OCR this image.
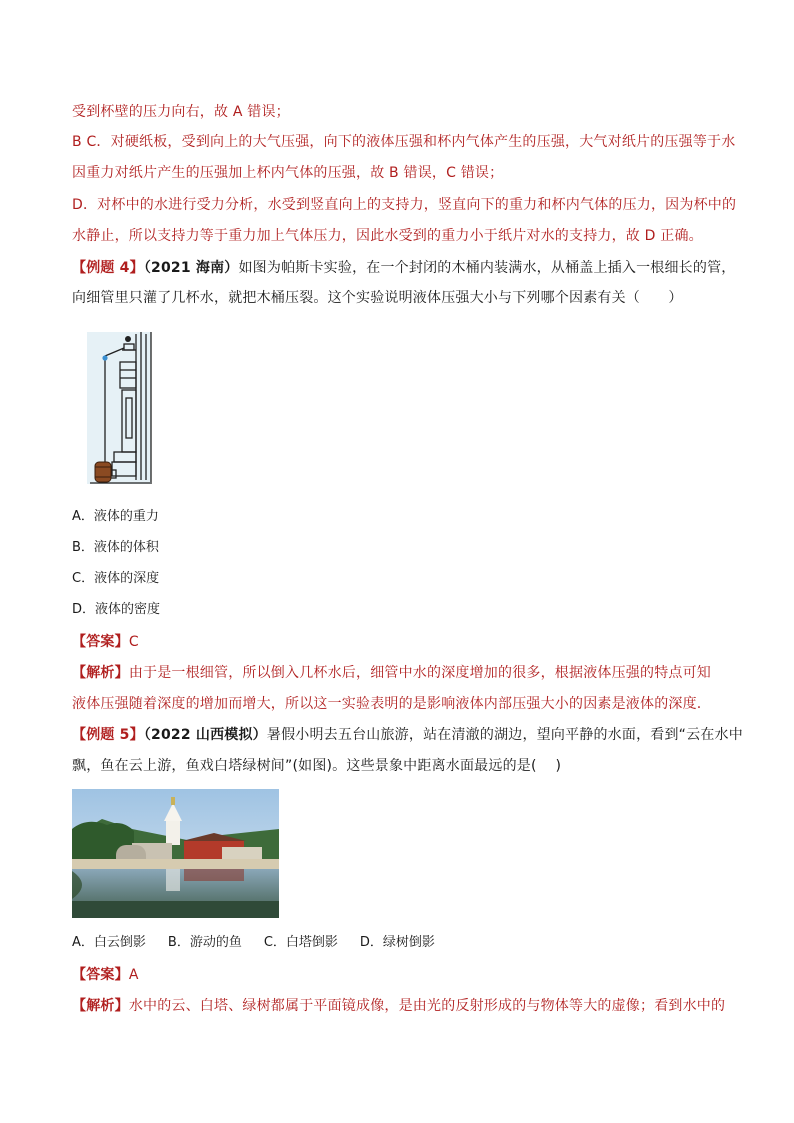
受到杯壁的压力向右，故 A 错误；
B C．对硬纸板，受到向上的大气压强，向下的液体压强和杯内气体产生的压强，大气对纸片的压强等于水
因重力对纸片产生的压强加上杯内气体的压强，故 B 错误，C 错误；
D．对杯中的水进行受力分析，水受到竖直向上的支持力，竖直向下的重力和杯内气体的压力，因为杯中的
水静止，所以支持力等于重力加上气体压力，因此水受到的重力小于纸片对水的支持力，故 D 正确。
【例题 4】（2021 海南）如图为帕斯卡实验，在一个封闭的木桶内装满水，从桶盖上插入一根细长的管，
向细管里只灌了几杯水，就把木桶压裂。这个实验说明液体压强大小与下列哪个因素有关（　　）
A．液体的重力
B．液体的体积
C．液体的深度
D．液体的密度
【答案】C
【解析】由于是一根细管，所以倒入几杯水后，细管中水的深度增加的很多，根据液体压强的特点可知
液体压强随着深度的增加而增大，所以这一实验表明的是影响液体内部压强大小的因素是液体的深度.
【例题 5】（2022 山西模拟）暑假小明去五台山旅游，站在清澈的湖边，望向平静的水面，看到“云在水中
飘，鱼在云上游，鱼戏白塔绿树间”(如图)。这些景象中距离水面最远的是(　 )
A．白云倒影 B．游动的鱼 C．白塔倒影 D．绿树倒影
【答案】A
【解析】水中的云、白塔、绿树都属于平面镜成像，是由光的反射形成的与物体等大的虚像；看到水中的
